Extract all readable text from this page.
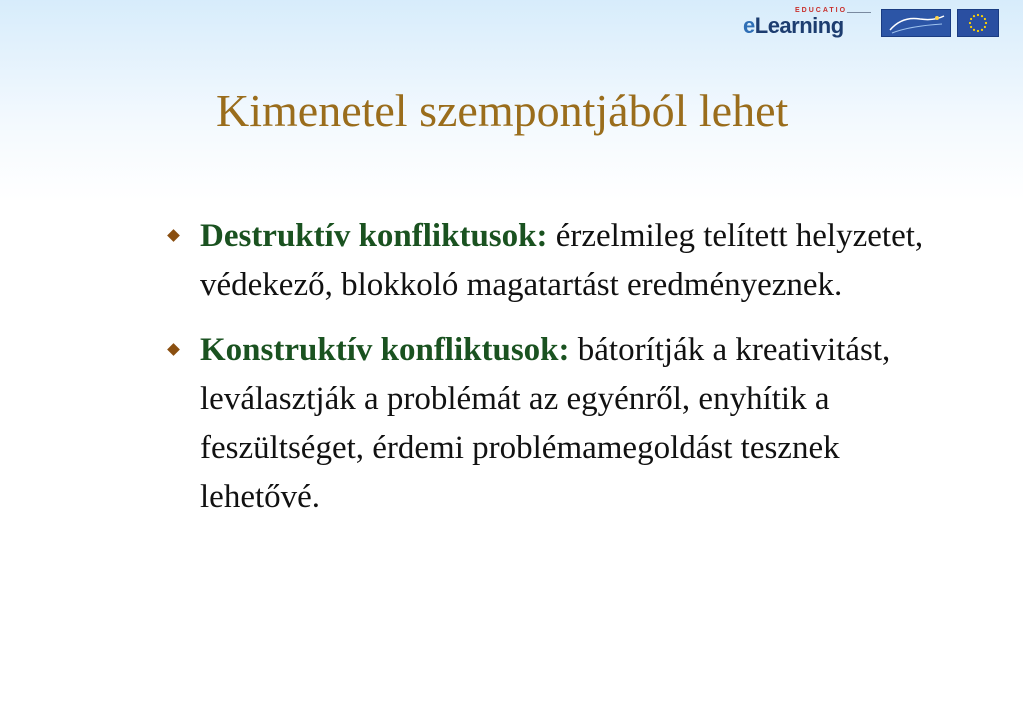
EDUCATIO
eLearning
Kimenetel szempontjából lehet
Destruktív konfliktusok: érzelmileg telített helyzetet, védekező, blokkoló magatartást eredményeznek.
Konstruktív konfliktusok: bátorítják a kreativitást, leválasztják a problémát az egyénről, enyhítik a feszültséget, érdemi problémamegoldást tesznek lehetővé.
